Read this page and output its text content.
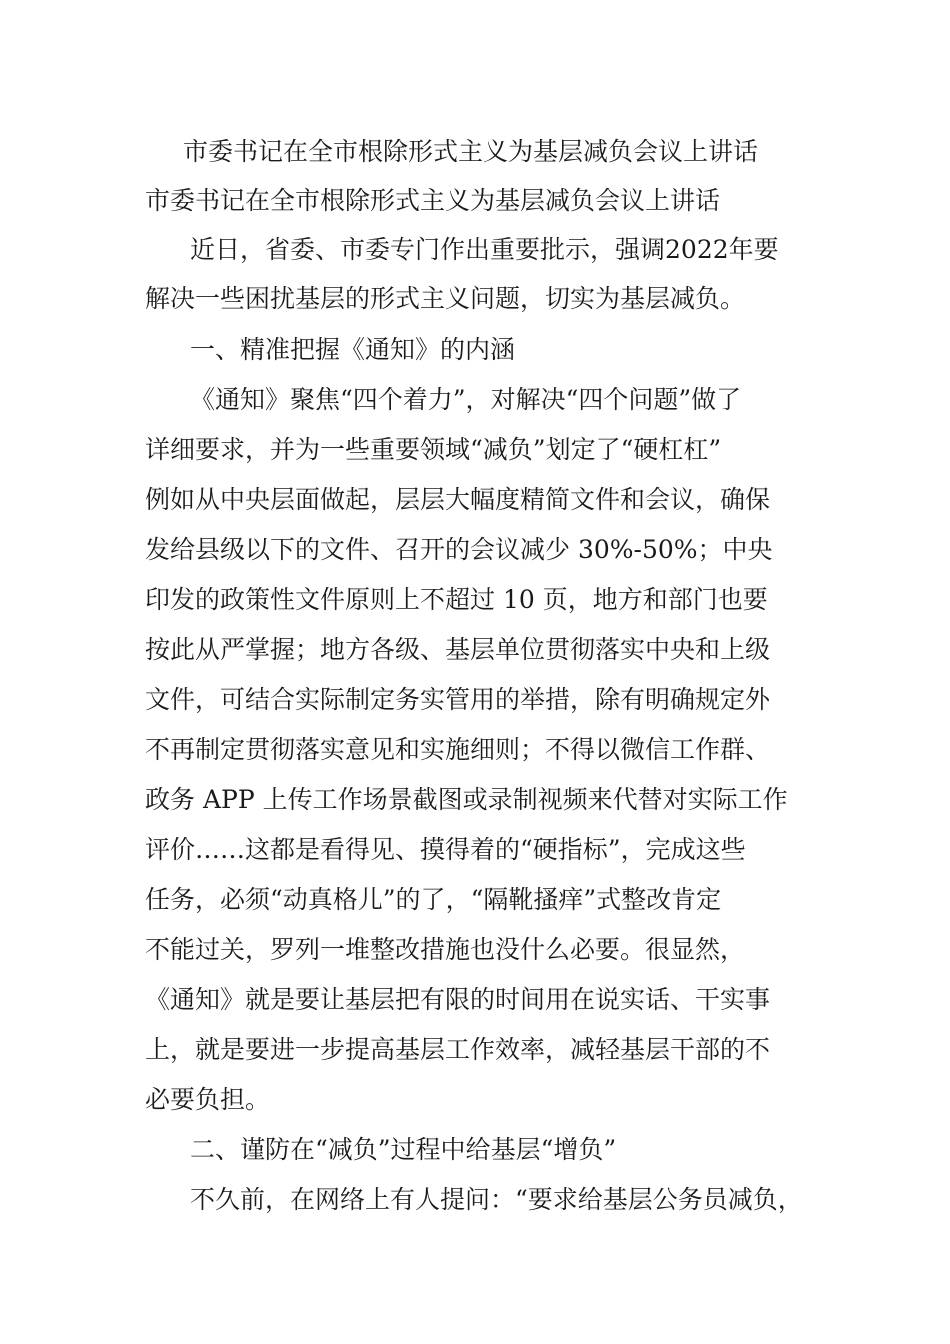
市委书记在全市根除形式主义为基层减负会议上讲话
市委书记在全市根除形式主义为基层减负会议上讲话
近日，省委、市委专门作出重要批示，强调2022年要
解决一些困扰基层的形式主义问题，切实为基层减负。
一、精准把握《通知》的内涵
《通知》聚焦“四个着力”，对解决“四个问题”做了
详细要求，并为一些重要领域“减负”划定了“硬杠杠”
例如从中央层面做起，层层大幅度精简文件和会议，确保
发给县级以下的文件、召开的会议减少 30%-50%；中央
印发的政策性文件原则上不超过 10 页，地方和部门也要
按此从严掌握；地方各级、基层单位贯彻落实中央和上级
文件，可结合实际制定务实管用的举措，除有明确规定外
不再制定贯彻落实意见和实施细则；不得以微信工作群、
政务 APP 上传工作场景截图或录制视频来代替对实际工作
评价……这都是看得见、摸得着的“硬指标”，完成这些
任务，必须“动真格儿”的了，“隔靴搔痒”式整改肯定
不能过关，罗列一堆整改措施也没什么必要。很显然，
《通知》就是要让基层把有限的时间用在说实话、干实事
上，就是要进一步提高基层工作效率，减轻基层干部的不
必要负担。
二、谨防在“减负”过程中给基层“增负”
不久前，在网络上有人提问：“要求给基层公务员减负，
